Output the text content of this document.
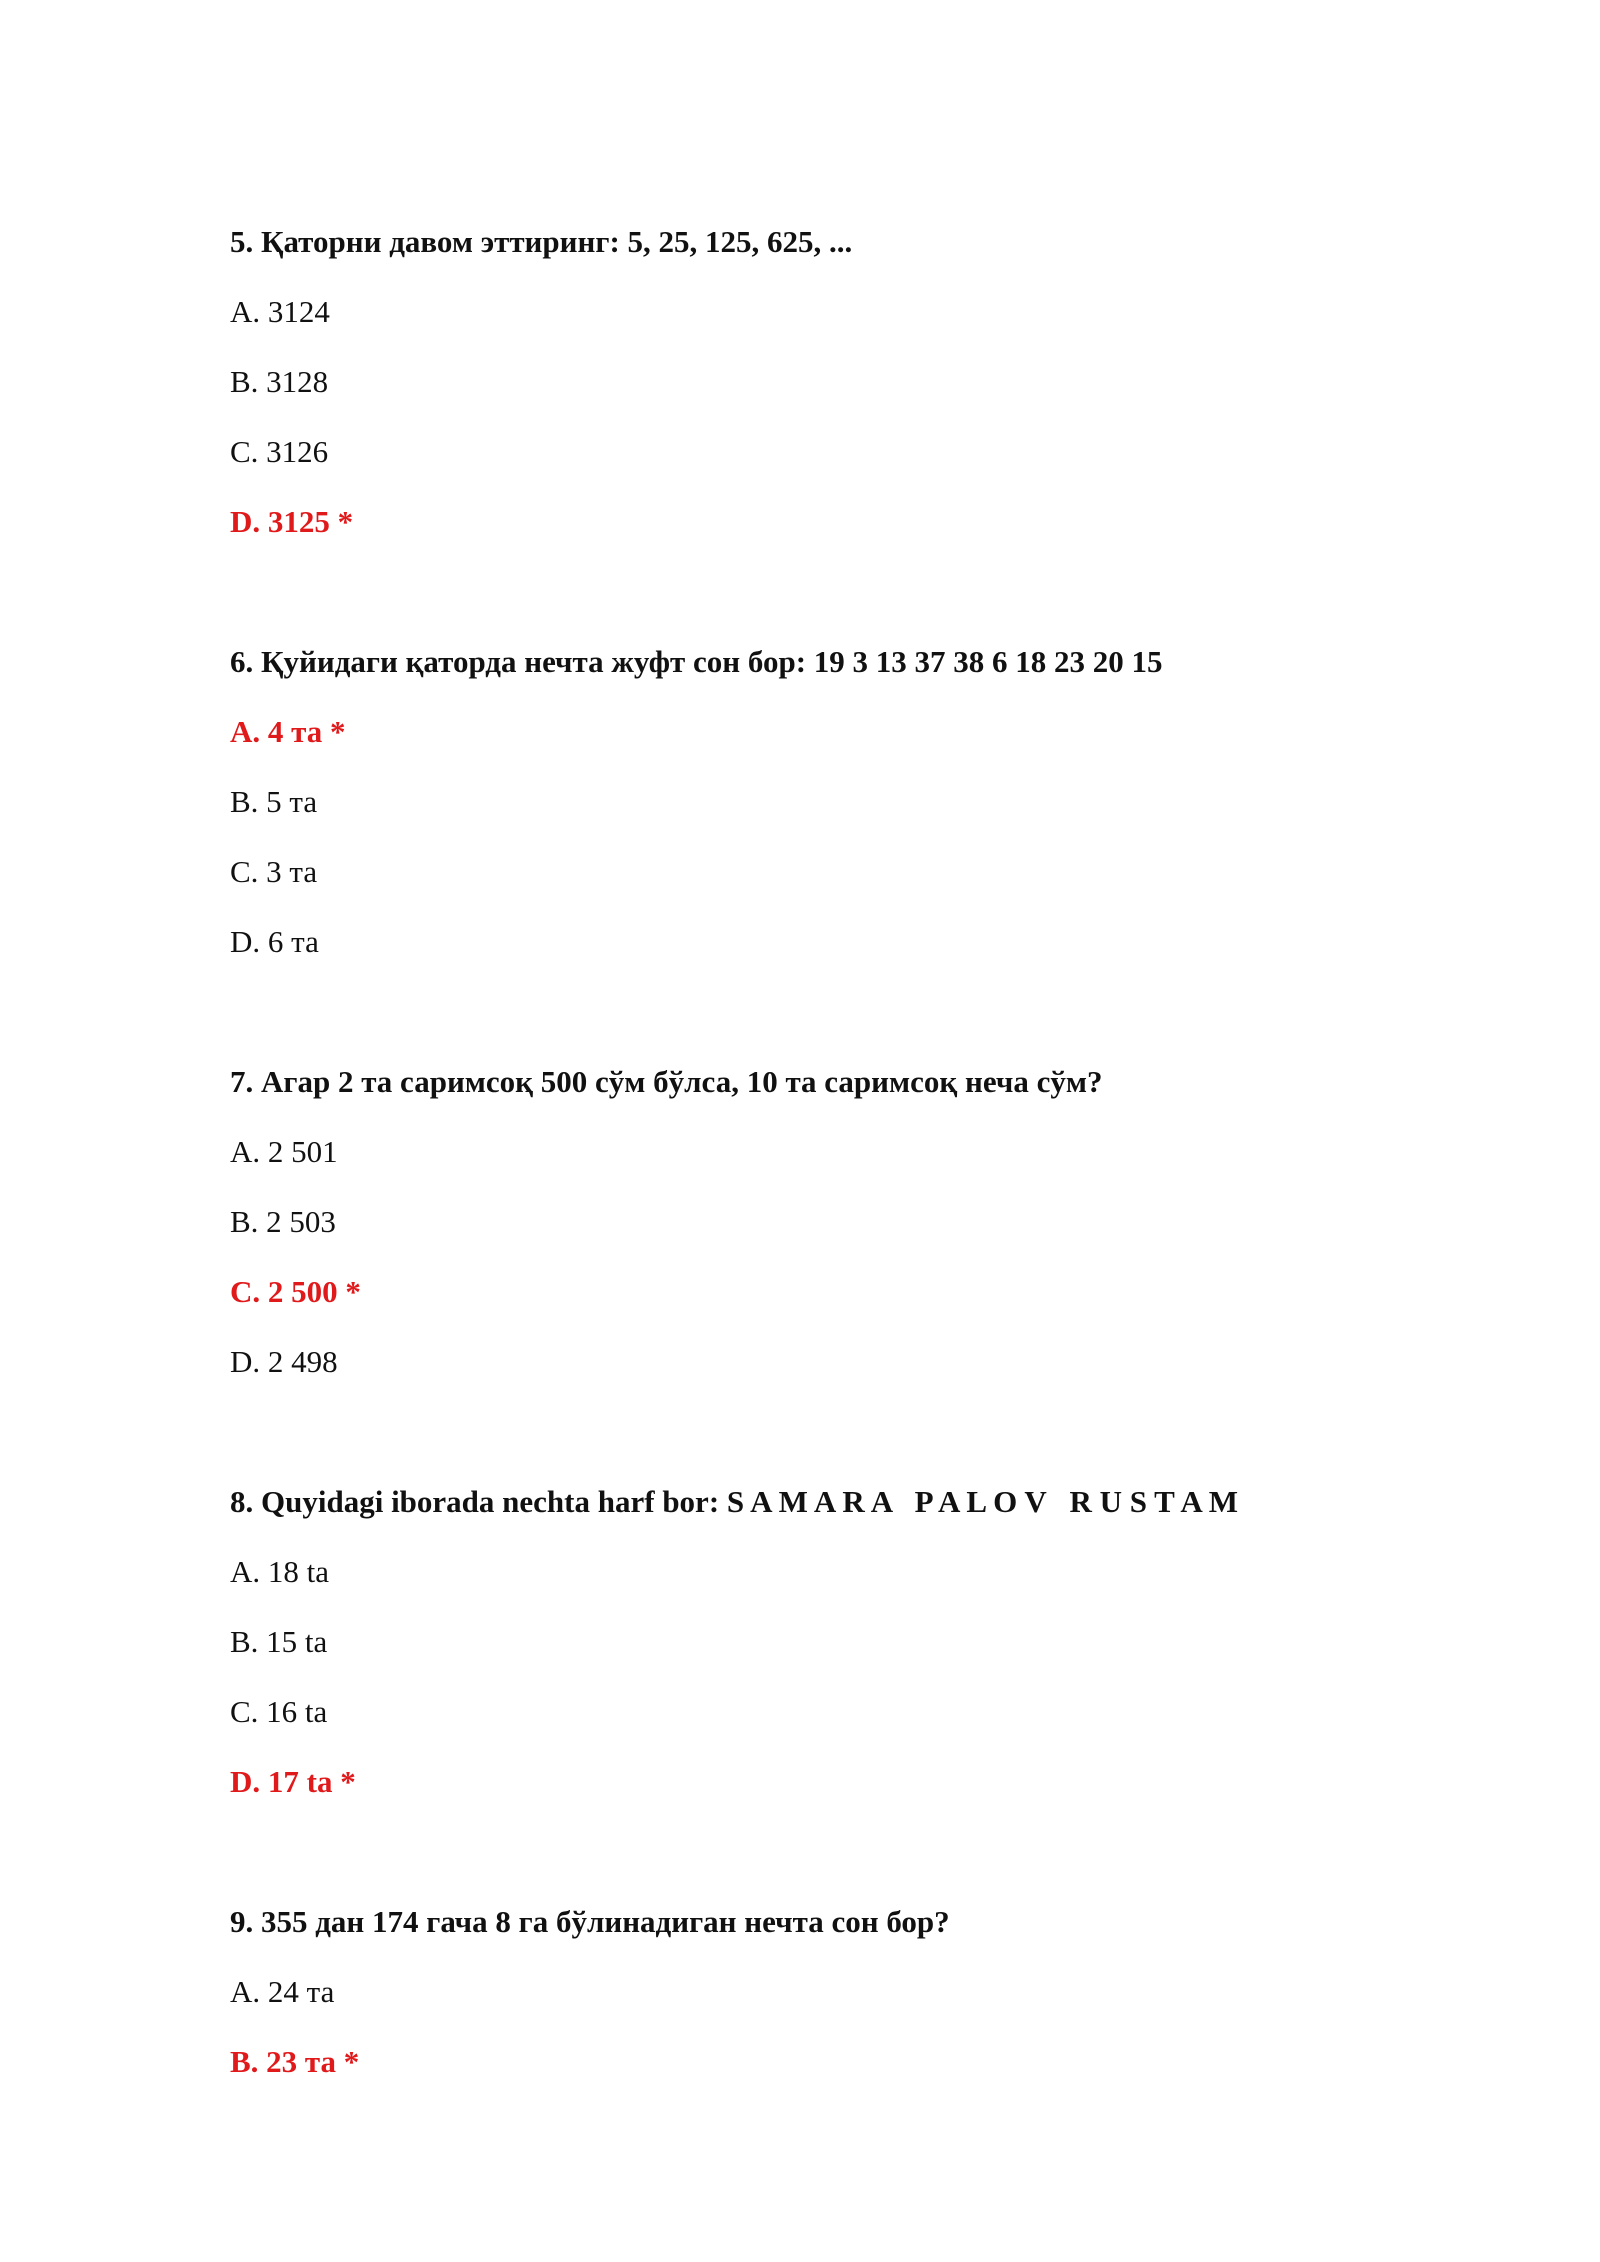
5. Қаторни давом эттиринг: 5, 25, 125, 625, ...
A. 3124
B. 3128
C. 3126
D. 3125 *
6. Қуйидаги қаторда нечта жуфт сон бор: 19 3 13 37 38 6 18 23 20 15
A. 4 та *
B. 5 та
C. 3 та
D. 6 та
7. Агар 2 та саримсоқ 500 сўм бўлса, 10 та саримсоқ неча сўм?
A. 2 501
B. 2 503
C. 2 500 *
D. 2 498
8. Quyidagi iborada nechta harf bor: S A M A R A   P A L O V   R U S T A M
A. 18 ta
B. 15 ta
C. 16 ta
D. 17 ta *
9. 355 дан 174 гача 8 га бўлинадиган нечта сон бор?
A. 24 та
B. 23 та *
